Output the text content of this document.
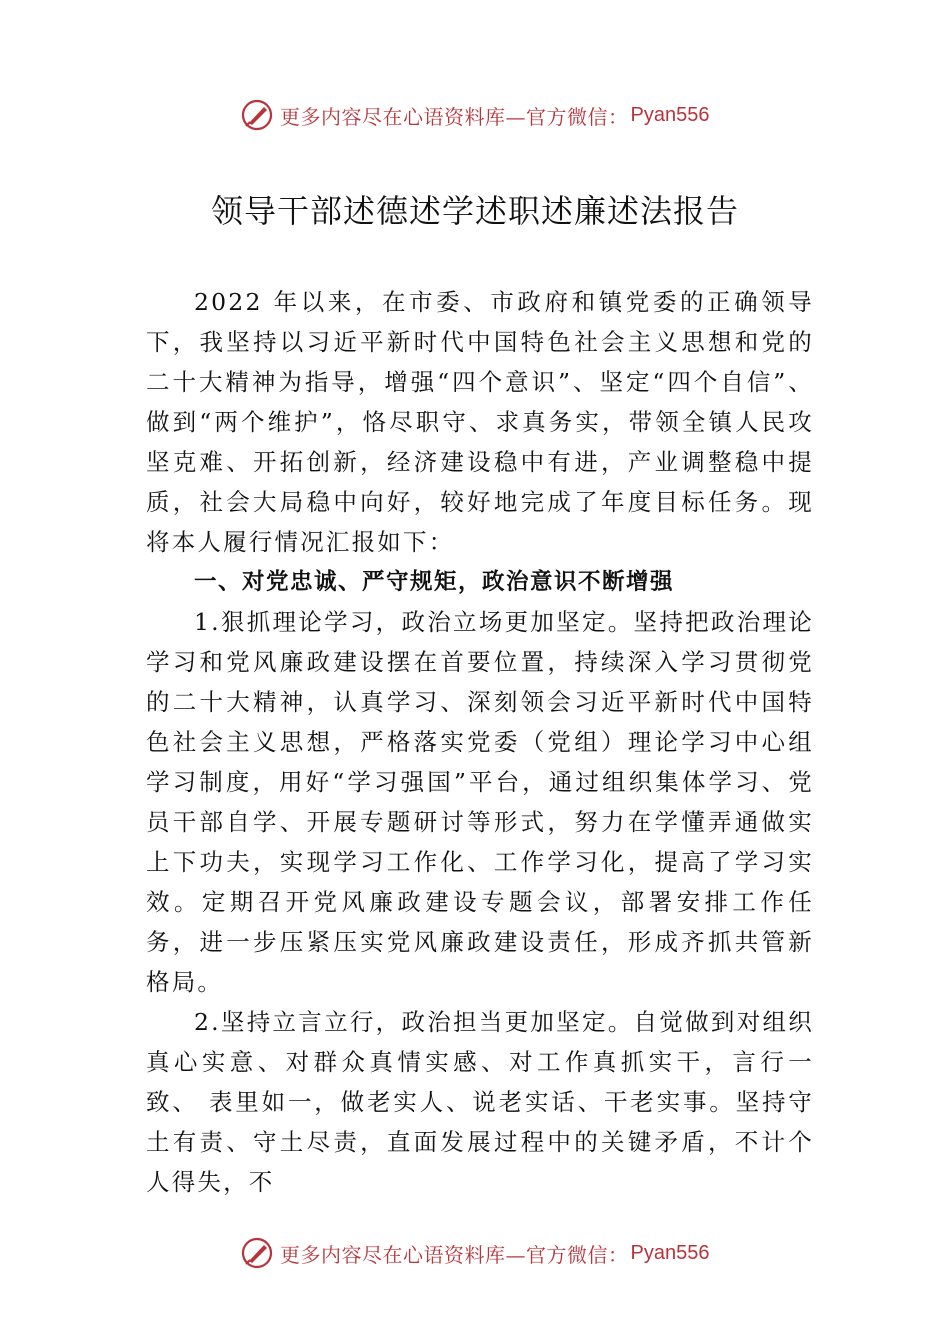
更多内容尽在心语资料库—官方微信： Pyan556
领导干部述德述学述职述廉述法报告

2022 年以来，在市委、市政府和镇党委的正确领导下，我坚持以习近平新时代中国特色社会主义思想和党的二十大精神为指导，增强“四个意识”、坚定“四个自信”、做到“两个维护”，恪尽职守、求真务实，带领全镇人民攻坚克难、开拓创新，经济建设稳中有进，产业调整稳中提质，社会大局稳中向好，较好地完成了年度目标任务。现将本人履行情况汇报如下：

一、对党忠诚、严守规矩，政治意识不断增强

1.狠抓理论学习，政治立场更加坚定。坚持把政治理论学习和党风廉政建设摆在首要位置，持续深入学习贯彻党的二十大精神，认真学习、深刻领会习近平新时代中国特色社会主义思想，严格落实党委（党组）理论学习中心组学习制度，用好“学习强国”平台，通过组织集体学习、党员干部自学、开展专题研讨等形式，努力在学懂弄通做实上下功夫，实现学习工作化、工作学习化，提高了学习实效。定期召开党风廉政建设专题会议，部署安排工作任务，进一步压紧压实党风廉政建设责任，形成齐抓共管新格局。

2.坚持立言立行，政治担当更加坚定。自觉做到对组织真心实意、对群众真情实感、对工作真抓实干，言行一致、 表里如一，做老实人、说老实话、干老实事。坚持守土有责、守土尽责，直面发展过程中的关键矛盾，不计个人得失，不

更多内容尽在心语资料库—官方微信： Pyan556
